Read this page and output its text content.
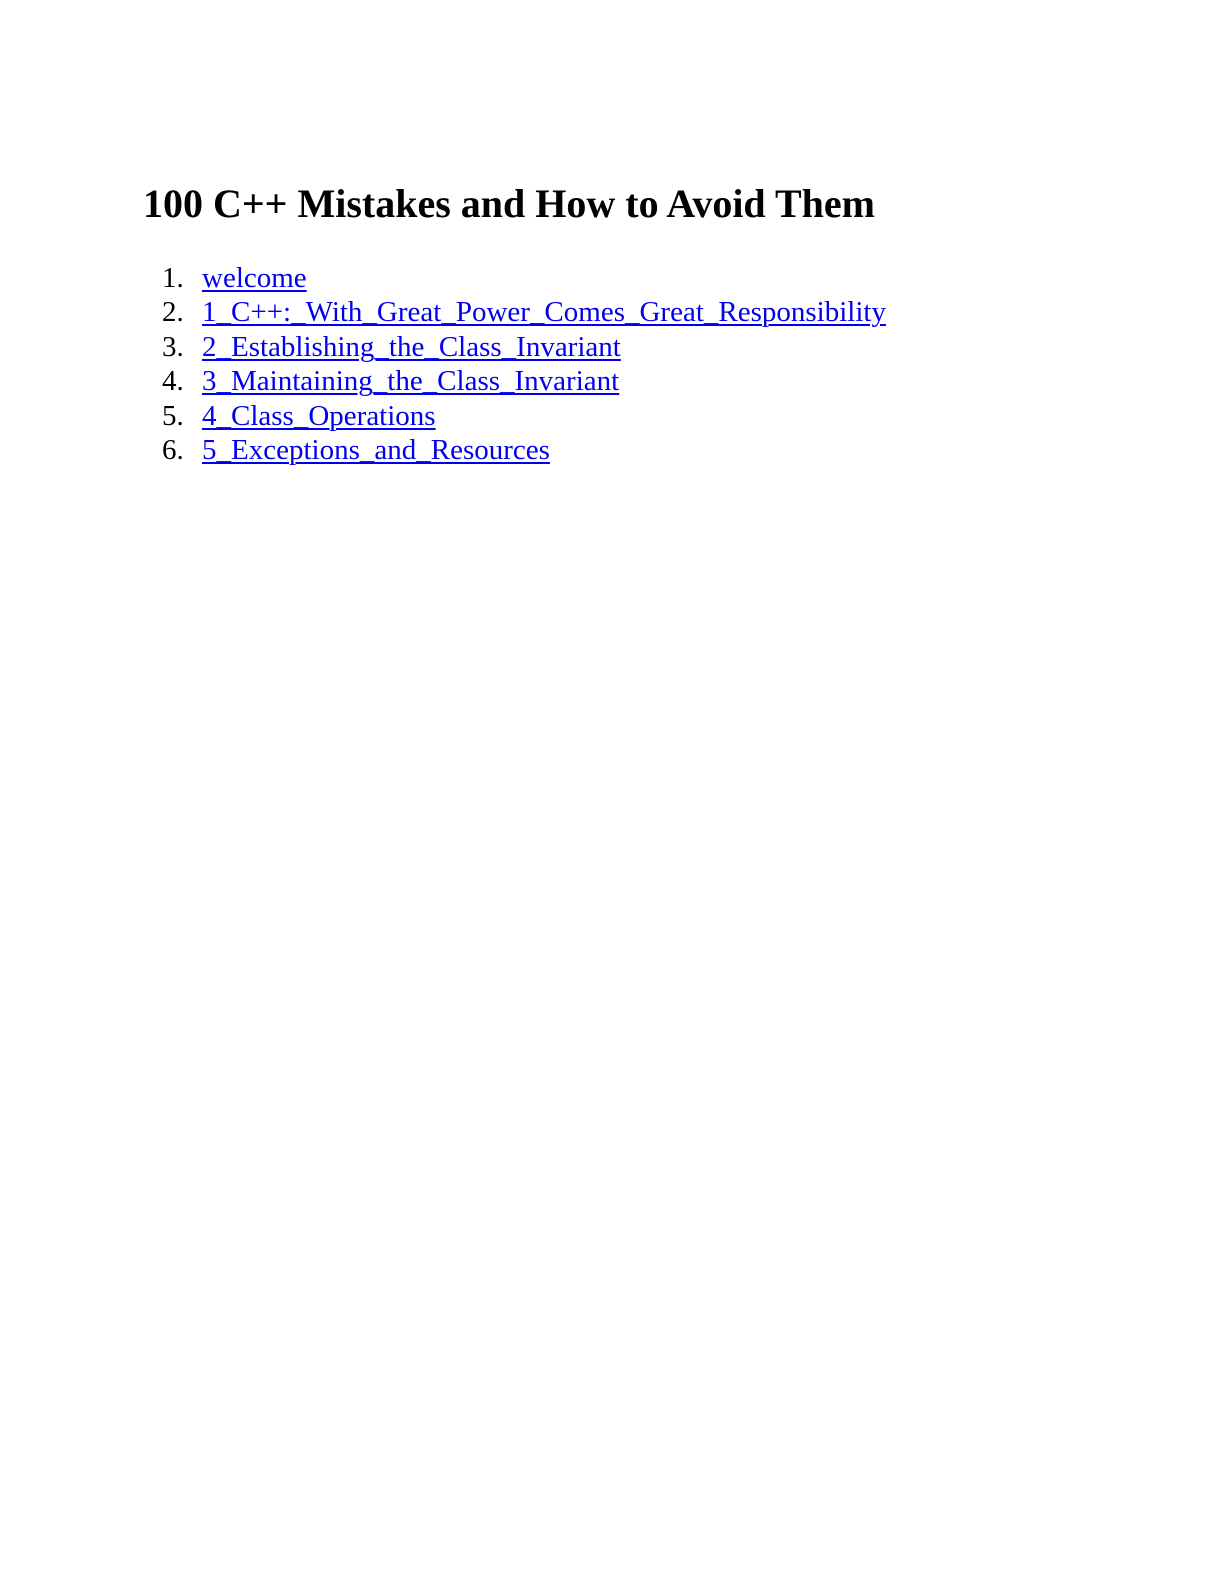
100 C++ Mistakes and How to Avoid Them
1. welcome
2. 1_C++:_With_Great_Power_Comes_Great_Responsibility
3. 2_Establishing_the_Class_Invariant
4. 3_Maintaining_the_Class_Invariant
5. 4_Class_Operations
6. 5_Exceptions_and_Resources
